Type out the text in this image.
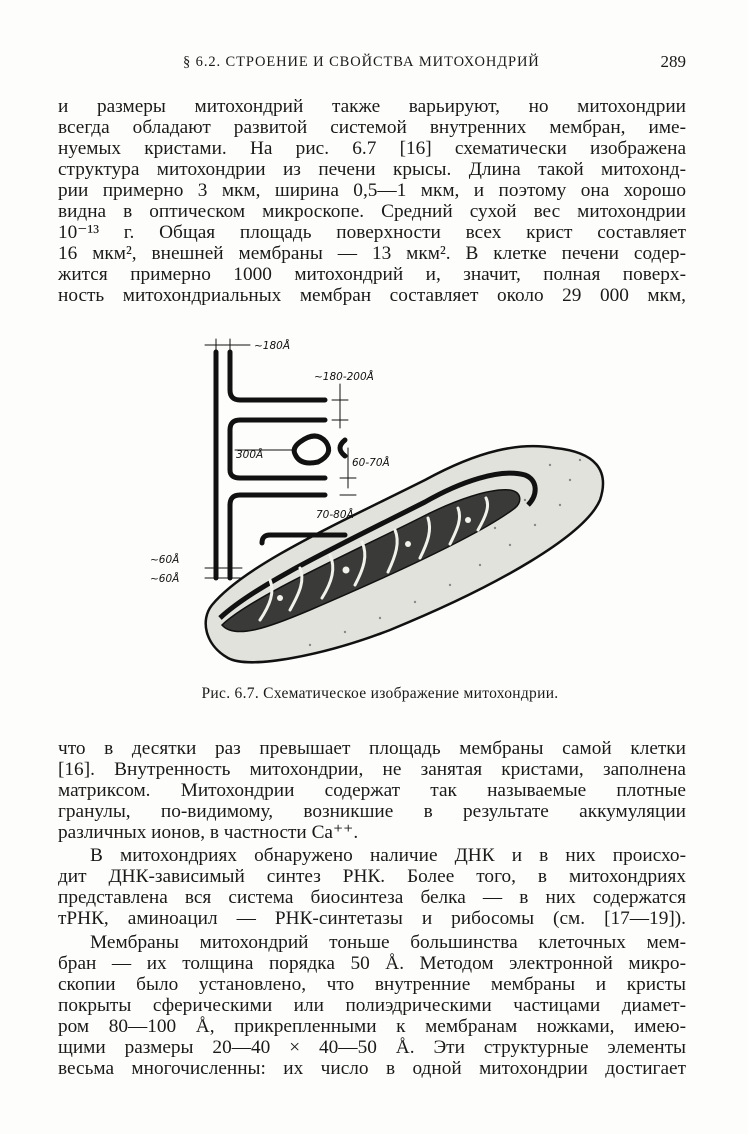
§ 6.2. СТРОЕНИЕ И СВОЙСТВА МИТОХОНДРИЙ	289
и размеры митохондрий также варьируют, но митохондрии
всегда обладают развитой системой внутренних мембран, име-
нуемых кристами. На рис. 6.7 [16] схематически изображена
структура митохондрии из печени крысы. Длина такой митохонд-
рии примерно 3 мкм, ширина 0,5—1 мкм, и поэтому она хорошо
видна в оптическом микроскопе. Средний сухой вес митохондрии
10⁻¹³ г. Общая площадь поверхности всех крист составляет
16 мкм², внешней мембраны — 13 мкм². В клетке печени содер-
жится примерно 1000 митохондрий и, значит, полная поверх-
ность митохондриальных мембран составляет около 29 000 мкм,
~180Å
~180-200Å
300Å
60-70Å
70-80Å
~60Å
~60Å
Рис. 6.7. Схематическое изображение митохондрии.
что в десятки раз превышает площадь мембраны самой клетки
[16]. Внутренность митохондрии, не занятая кристами, заполнена
матриксом. Митохондрии содержат так называемые плотные
гранулы, по-видимому, возникшие в результате аккумуляции
различных ионов, в частности Ca⁺⁺.
В митохондриях обнаружено наличие ДНК и в них происхо-
дит ДНК-зависимый синтез РНК. Более того, в митохондриях
представлена вся система биосинтеза белка — в них содержатся
тРНК, аминоацил — РНК-синтетазы и рибосомы (см. [17—19]).
Мембраны митохондрий тоньше большинства клеточных мем-
бран — их толщина порядка 50 Å. Методом электронной микро-
скопии было установлено, что внутренние мембраны и кристы
покрыты сферическими или полиэдрическими частицами диамет-
ром 80—100 Å, прикрепленными к мембранам ножками, имею-
щими размеры 20—40 × 40—50 Å. Эти структурные элементы
весьма многочисленны: их число в одной митохондрии достигает
